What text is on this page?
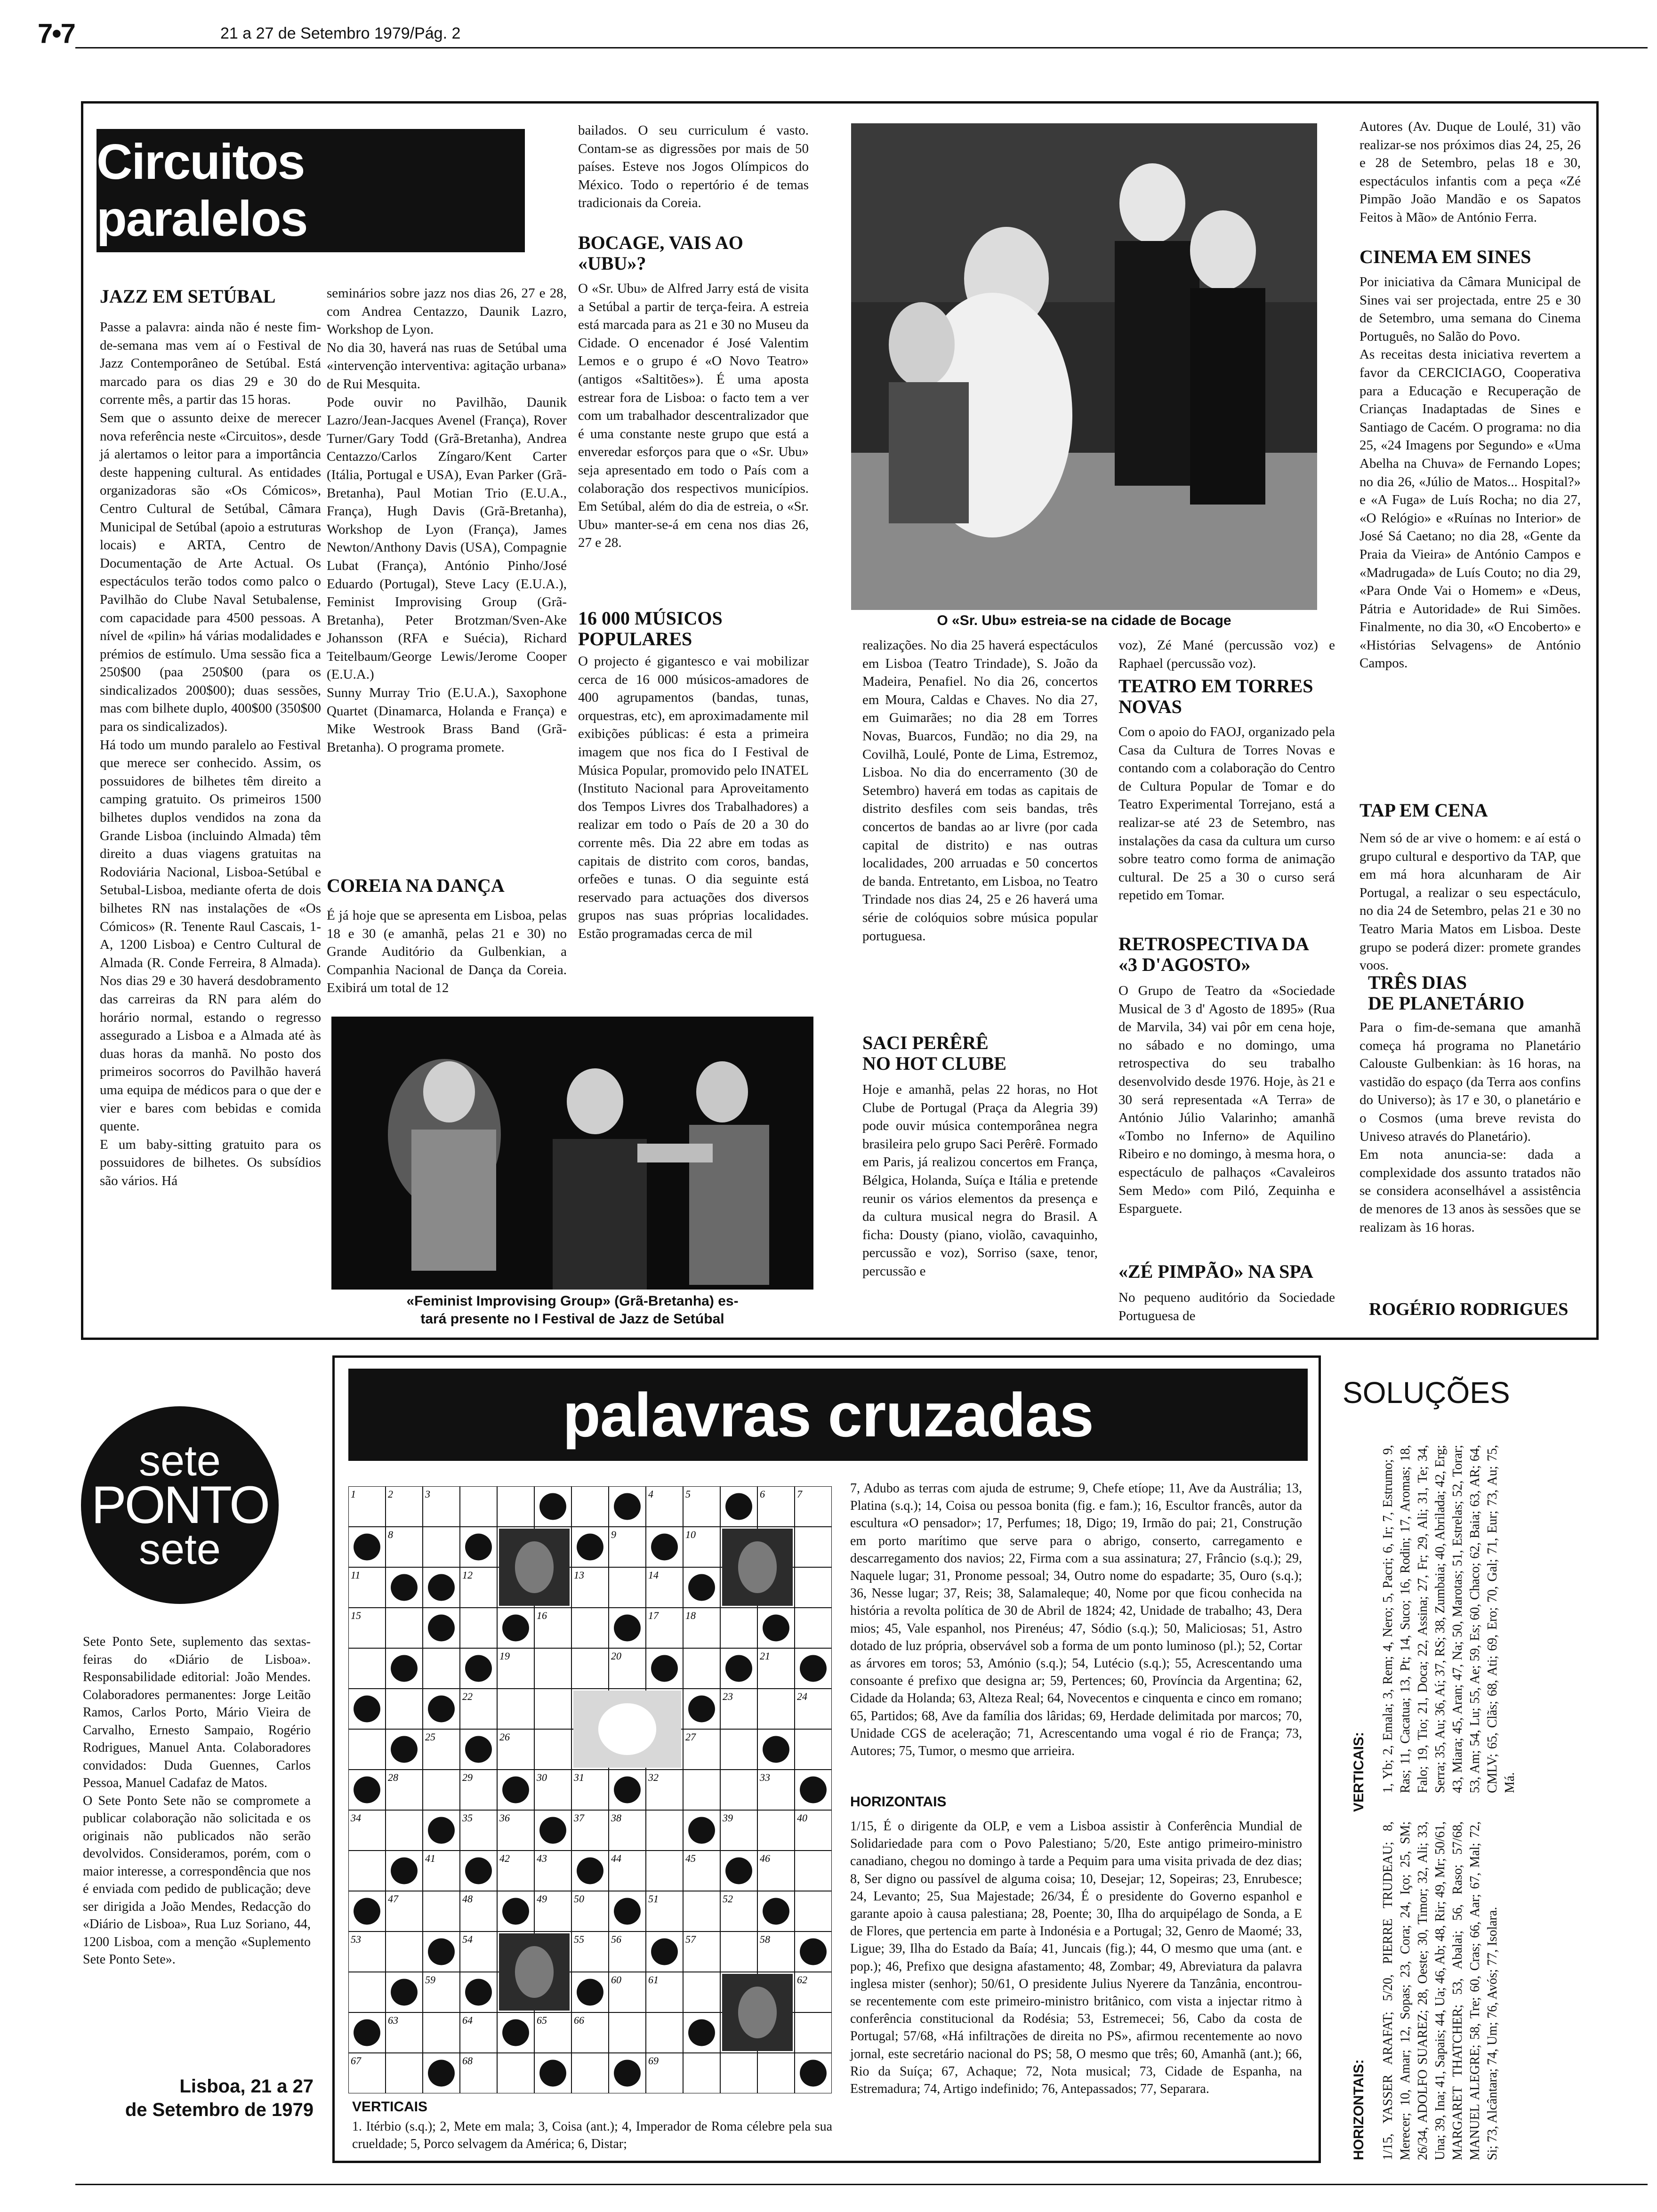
7•7	21 a 27 de Setembro 1979/Pág. 2
Circuitos paralelos
JAZZ EM SETÚBAL

Passe a palavra: ainda não é neste fim-de-semana mas vem aí o Festival de Jazz Contemporâneo de Setúbal. Está marcado para os dias 29 e 30 do corrente mês, a partir das 15 horas.
Sem que o assunto deixe de merecer nova referência neste «Circuitos», desde já alertamos o leitor para a importância deste happening cultural. As entidades organizadoras são «Os Cómicos», Centro Cultural de Setúbal, Câmara Municipal de Setúbal (apoio a estruturas locais) e ARTA, Centro de Documentação de Arte Actual. Os espectáculos terão todos como palco o Pavilhão do Clube Naval Setubalense, com capacidade para 4500 pessoas. A nível de «pilin» há várias modalidades e prémios de estímulo. Uma sessão fica a 250$00 (paa 250$00 (para os sindicalizados 200$00); duas sessões, mas com bilhete duplo, 400$00 (350$00 para os sindicalizados).
Há todo um mundo paralelo ao Festival que merece ser conhecido. Assim, os possuidores de bilhetes têm direito a camping gratuito. Os primeiros 1500 bilhetes duplos vendidos na zona da Grande Lisboa (incluindo Almada) têm direito a duas viagens gratuitas na Rodoviária Nacional, Lisboa-Setúbal e Setubal-Lisboa, mediante oferta de dois bilhetes RN nas instalações de «Os Cómicos» (R. Tenente Raul Cascais, 1-A, 1200 Lisboa) e Centro Cultural de Almada (R. Conde Ferreira, 8 Almada). Nos dias 29 e 30 haverá desdobramento das carreiras da RN para além do horário normal, estando o regresso assegurado a Lisboa e a Almada até às duas horas da manhã. No posto dos primeiros socorros do Pavilhão haverá uma equipa de médicos para o que der e vier e bares com bebidas e comida quente.
E um baby-sitting gratuito para os possuidores de bilhetes. Os subsídios são vários. Há

seminários sobre jazz nos dias 26, 27 e 28, com Andrea Centazzo, Daunik Lazro, Workshop de Lyon.
No dia 30, haverá nas ruas de Setúbal uma «intervenção interventiva: agitação urbana» de Rui Mesquita.
Pode ouvir no Pavilhão, Daunik Lazro/Jean-Jacques Avenel (França), Rover Turner/Gary Todd (Grã-Bretanha), Andrea Centazzo/Carlos Zíngaro/Kent Carter (Itália, Portugal e USA), Evan Parker (Grã-Bretanha), Paul Motian Trio (E.U.A., França), Hugh Davis (Grã-Bretanha), Workshop de Lyon (França), James Newton/Anthony Davis (USA), Compagnie Lubat (França), António Pinho/José Eduardo (Portugal), Steve Lacy (E.U.A.), Feminist Improvising Group (Grã-Bretanha), Peter Brotzman/Sven-Ake Johansson (RFA e Suécia), Richard Teitelbaum/George Lewis/Jerome Cooper (E.U.A.)
Sunny Murray Trio (E.U.A.), Saxophone Quartet (Dinamarca, Holanda e França) e Mike Westrook Brass Band (Grã-Bretanha). O programa promete.

COREIA NA DANÇA

É já hoje que se apresenta em Lisboa, pelas 18 e 30 (e amanhã, pelas 21 e 30) no Grande Auditório da Gulbenkian, a Companhia Nacional de Dança da Coreia. Exibirá um total de 12

bailados. O seu curriculum é vasto. Contam-se as digressões por mais de 50 países. Esteve nos Jogos Olímpicos do México. Todo o repertório é de temas tradicionais da Coreia.

BOCAGE, VAIS AO
«UBU»?

O «Sr. Ubu» de Alfred Jarry está de visita a Setúbal a partir de terça-feira. A estreia está marcada para as 21 e 30 no Museu da Cidade. O encenador é José Valentim Lemos e o grupo é «O Novo Teatro» (antigos «Saltitões»). É uma aposta estrear fora de Lisboa: o facto tem a ver com um trabalhador descentralizador que é uma constante neste grupo que está a enveredar esforços para que o «Sr. Ubu» seja apresentado em todo o País com a colaboração dos respectivos municípios. Em Setúbal, além do dia de estreia, o «Sr. Ubu» manter-se-á em cena nos dias 26, 27 e 28.

16 000 MÚSICOS
POPULARES

O projecto é gigantesco e vai mobilizar cerca de 16 000 músicos-amadores de 400 agrupamentos (bandas, tunas, orquestras, etc), em aproximadamente mil exibições públicas: é esta a primeira imagem que nos fica do I Festival de Música Popular, promovido pelo INATEL (Instituto Nacional para Aproveitamento dos Tempos Livres dos Trabalhadores) a realizar em todo o País de 20 a 30 do corrente mês. Dia 22 abre em todas as capitais de distrito com coros, bandas, orfeões e tunas. O dia seguinte está reservado para actuações dos diversos grupos nas suas próprias localidades. Estão programadas cerca de mil

O «Sr. Ubu» estreia-se na cidade de Bocage

realizações. No dia 25 haverá espectáculos em Lisboa (Teatro Trindade), S. João da Madeira, Penafiel. No dia 26, concertos em Moura, Caldas e Chaves. No dia 27, em Guimarães; no dia 28 em Torres Novas, Buarcos, Fundão; no dia 29, na Covilhã, Loulé, Ponte de Lima, Estremoz, Lisboa. No dia do encerramento (30 de Setembro) haverá em todas as capitais de distrito desfiles com seis bandas, três concertos de bandas ao ar livre (por cada capital de distrito) e nas outras localidades, 200 arruadas e 50 concertos de banda. Entretanto, em Lisboa, no Teatro Trindade nos dias 24, 25 e 26 haverá uma série de colóquios sobre música popular portuguesa.

SACI PERÊRÊ
NO HOT CLUBE

Hoje e amanhã, pelas 22 horas, no Hot Clube de Portugal (Praça da Alegria 39) pode ouvir música contemporânea negra brasileira pelo grupo Saci Perêrê. Formado em Paris, já realizou concertos em França, Bélgica, Holanda, Suíça e Itália e pretende reunir os vários elementos da presença e da cultura musical negra do Brasil. A ficha: Dousty (piano, violão, cavaquinho, percussão e voz), Sorriso (saxe, tenor, percussão e

voz), Zé Mané (percussão voz) e Raphael (percussão voz).

TEATRO EM TORRES
NOVAS

Com o apoio do FAOJ, organizado pela Casa da Cultura de Torres Novas e contando com a colaboração do Centro de Cultura Popular de Tomar e do Teatro Experimental Torrejano, está a realizar-se até 23 de Setembro, nas instalações da casa da cultura um curso sobre teatro como forma de animação cultural. De 25 a 30 o curso será repetido em Tomar.

RETROSPECTIVA DA
«3 D'AGOSTO»

O Grupo de Teatro da «Sociedade Musical de 3 d' Agosto de 1895» (Rua de Marvila, 34) vai pôr em cena hoje, no sábado e no domingo, uma retrospectiva do seu trabalho desenvolvido desde 1976. Hoje, às 21 e 30 será representada «A Terra» de António Júlio Valarinho; amanhã «Tombo no Inferno» de Aquilino Ribeiro e no domingo, à mesma hora, o espectáculo de palhaços «Cavaleiros Sem Medo» com Piló, Zequinha e Esparguete.

«ZÉ PIMPÃO» NA SPA

No pequeno auditório da Sociedade Portuguesa de

Autores (Av. Duque de Loulé, 31) vão realizar-se nos próximos dias 24, 25, 26 e 28 de Setembro, pelas 18 e 30, espectáculos infantis com a peça «Zé Pimpão João Mandão e os Sapatos Feitos à Mão» de António Ferra.

CINEMA EM SINES

Por iniciativa da Câmara Municipal de Sines vai ser projectada, entre 25 e 30 de Setembro, uma semana do Cinema Português, no Salão do Povo.
As receitas desta iniciativa revertem a favor da CERCICIAGO, Cooperativa para a Educação e Recuperação de Crianças Inadaptadas de Sines e Santiago de Cacém. O programa: no dia 25, «24 Imagens por Segundo» e «Uma Abelha na Chuva» de Fernando Lopes; no dia 26, «Júlio de Matos... Hospital?» e «A Fuga» de Luís Rocha; no dia 27, «O Relógio» e «Ruínas no Interior» de José Sá Caetano; no dia 28, «Gente da Praia da Vieira» de António Campos e «Madrugada» de Luís Couto; no dia 29, «Para Onde Vai o Homem» e «Deus, Pátria e Autoridade» de Rui Simões. Finalmente, no dia 30, «O Encoberto» e «Histórias Selvagens» de António Campos.

TAP EM CENA

Nem só de ar vive o homem: e aí está o grupo cultural e desportivo da TAP, que em má hora alcunharam de Air Portugal, a realizar o seu espectáculo, no dia 24 de Setembro, pelas 21 e 30 no Teatro Maria Matos em Lisboa. Deste grupo se poderá dizer: promete grandes voos.

TRÊS DIAS
DE PLANETÁRIO

Para o fim-de-semana que amanhã começa há programa no Planetário Calouste Gulbenkian: às 16 horas, na vastidão do espaço (da Terra aos confins do Universo); às 17 e 30, o planetário e o Cosmos (uma breve revista do Univeso através do Planetário).
Em nota anuncia-se: dada a complexidade dos assunto tratados não se considera aconselhável a assistência de menores de 13 anos às sessões que se realizam às 16 horas.

ROGÉRIO RODRIGUES
«Feminist Improvising Group» (Grã-Bretanha) es-
tará presente no I Festival de Jazz de Setúbal
sete
PONTO
sete

Sete Ponto Sete, suplemento das sextas-feiras do «Diário de Lisboa». Responsabilidade editorial: João Mendes. Colaboradores permanentes: Jorge Leitão Ramos, Carlos Porto, Mário Vieira de Carvalho, Ernesto Sampaio, Rogério Rodrigues, Manuel Anta. Colaboradores convidados: Duda Guennes, Carlos Pessoa, Manuel Cadafaz de Matos.
O Sete Ponto Sete não se compromete a publicar colaboração não solicitada e os originais não publicados não serão devolvidos. Consideramos, porém, com o maior interesse, a correspondência que nos é enviada com pedido de publicação; deve ser dirigida a João Mendes, Redacção do «Diário de Lisboa», Rua Luz Soriano, 44, 1200 Lisboa, com a menção «Suplemento Sete Ponto Sete».

Lisboa, 21 a 27
de Setembro de 1979
palavras cruzadas
1	2	3	4	5	6	7
8	9	10
11	12	13	14
15	16	17	18
19	20	21
22	23	24
25	26	27
28	29	30	31	32	33
34	35	36	37	38	39	40
41	42	43	44	45	46
47	48	49	50	51	52
53	54	55	56	57	58
59	60	61	62
63	64	65	66
67	68	69

7, Adubo as terras com ajuda de estrume; 9, Chefe etíope; 11, Ave da Austrália; 13, Platina (s.q.); 14, Coisa ou pessoa bonita (fig. e fam.); 16, Escultor francês, autor da escultura «O pensador»; 17, Perfumes; 18, Digo; 19, Irmão do pai; 21, Construção em porto marítimo que serve para o abrigo, conserto, carregamento e descarregamento dos navios; 22, Firma com a sua assinatura; 27, Frâncio (s.q.); 29, Naquele lugar; 31, Pronome pessoal; 34, Outro nome do espadarte; 35, Ouro (s.q.); 36, Nesse lugar; 37, Reis; 38, Salamaleque; 40, Nome por que ficou conhecida na história a revolta política de 30 de Abril de 1824; 42, Unidade de trabalho; 43, Dera mios; 45, Vale espanhol, nos Pirenéus; 47, Sódio (s.q.); 50, Maliciosas; 51, Astro dotado de luz própria, observável sob a forma de um ponto luminoso (pl.); 52, Cortar as árvores em toros; 53, Amónio (s.q.); 54, Lutécio (s.q.); 55, Acrescentando uma consoante é prefixo que designa ar; 59, Pertences; 60, Província da Argentina; 62, Cidade da Holanda; 63, Alteza Real; 64, Novecentos e cinquenta e cinco em romano; 65, Partidos; 68, Ave da família dos lâridas; 69, Herdade delimitada por marcos; 70, Unidade CGS de aceleração; 71, Acrescentando uma vogal é rio de França; 73, Autores; 75, Tumor, o mesmo que arrieira.

HORIZONTAIS

1/15, É o dirigente da OLP, e vem a Lisboa assistir à Conferência Mundial de Solidariedade para com o Povo Palestiano; 5/20, Este antigo primeiro-ministro canadiano, chegou no domingo à tarde a Pequim para uma visita privada de dez dias; 8, Ser digno ou passível de alguma coisa; 10, Desejar; 12, Sopeiras; 23, Enrubesce; 24, Levanto; 25, Sua Majestade; 26/34, É o presidente do Governo espanhol e garante apoio à causa palestiana; 28, Poente; 30, Ilha do arquipélago de Sonda, a E de Flores, que pertencia em parte à Indonésia e a Portugal; 32, Genro de Maomé; 33, Ligue; 39, Ilha do Estado da Baía; 41, Juncais (fig.); 44, O mesmo que uma (ant. e pop.); 46, Prefixo que designa afastamento; 48, Zombar; 49, Abreviatura da palavra inglesa mister (senhor); 50/61, O presidente Julius Nyerere da Tanzânia, encontrou-se recentemente com este primeiro-ministro britânico, com vista a injectar ritmo à conferência constitucional da Rodésia; 53, Estremecei; 56, Cabo da costa de Portugal; 57/68, «Há infiltrações de direita no PS», afirmou recentemente ao novo jornal, este secretário nacional do PS; 58, O mesmo que três; 60, Amanhã (ant.); 66, Rio da Suíça; 67, Achaque; 72, Nota musical; 73, Cidade de Espanha, na Estremadura; 74, Artigo indefinido; 76, Antepassados; 77, Separara.

VERTICAIS

1. Itérbio (s.q.); 2, Mete em mala; 3, Coisa (ant.); 4, Imperador de Roma célebre pela sua crueldade; 5, Porco selvagem da América; 6, Distar;

SOLUÇÕES
VERTICAIS: 1, Yb; 2, Emala; 3, Rem; 4, Nero; 5, Pacri; 6, Ir; 7, Estrumo; 9, Ras; 11, Cacatua; 13, Pt; 14, Suco; 16, Rodin; 17, Aromas; 18, Falo; 19, Tio; 21, Doca; 22, Assina; 27, Fr; 29, Ali; 31, Te; 34, Serra; 35, Au; 36, Aí; 37, RS; 38, Zumbaia; 40, Abrilada; 42, Erg; 43, Miara; 45, Aran; 47, Na; 50, Marotas; 51, Estrelas; 52, Torar; 53, Am; 54, Lu; 55, Ae; 59, Es; 60, Chaco; 62, Baia; 63, AR; 64, CMLV; 65, Clãs; 68, Ati; 69, Ero; 70, Gal; 71, Eur; 73, Au; 75, Má.
HORIZONTAIS: 1/15, YASSER ARAFAT; 5/20, PIERRE TRUDEAU; 8, Merecer; 10, Amar; 12, Sopas; 23, Cora; 24, Iço; 25, SM; 26/34, ADOLFO SUAREZ; 28, Oeste; 30, Timor; 32, Ali; 33, Una; 39, Ina; 41, Sapais; 44, Ua; 46, Ab; 48, Rir; 49, Mr; 50/61, MARGARET THATCHER; 53, Abalai; 56, Raso; 57/68, MANUEL ALEGRE; 58, Tre; 60, Cras; 66, Aar; 67, Mal; 72, Si; 73, Alcântara; 74, Um; 76, Avós; 77, Isolara.
